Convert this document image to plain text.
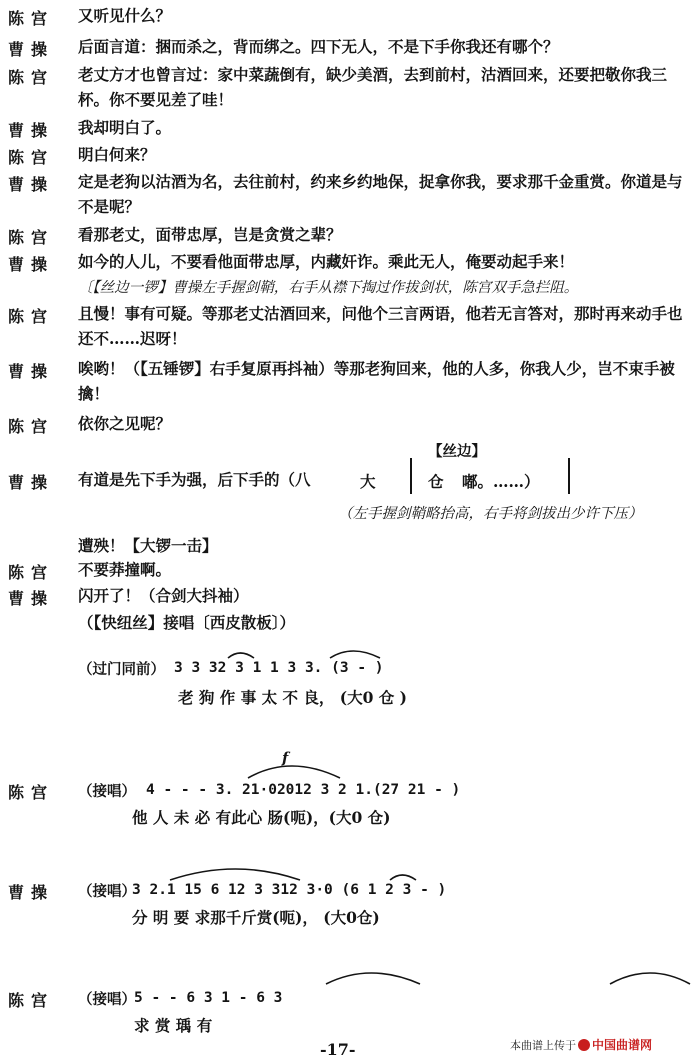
陈宫 又听见什么？
曹操 后面言道：捆而杀之，背而绑之。四下无人，不是下手你我还有哪个？
陈宫 老丈方才也曾言过：家中菜蔬倒有，缺少美酒，去到前村，沽酒回来，还要把敬你我三杯。你不要见差了哇！
曹操 我却明白了。
陈宫 明白何来？
曹操 定是老狗以沽酒为名，去往前村，约来乡约地保，捉拿你我，要求那千金重赏。你道是与不是呢？
陈宫 看那老丈，面带忠厚，岂是贪赏之辈？
曹操 如今的人儿，不要看他面带忠厚，内藏奸诈。乘此无人，俺要动起手来！
〔【丝边一锣】曹操左手握剑鞘，右手从襟下掏过作拔剑状，陈宫双手急拦阻。
陈宫 且慢！事有可疑。等那老丈沽酒回来，问他个三言两语，他若无言答对，那时再来动手也还不……迟呀！
曹操 唉哟！（【五锤锣】右手复原再抖袖）等那老狗回来，他的人多，你我人少，岂不束手被擒！
陈宫 依你之见呢？
【丝边】
曹操 有道是先下手为强，后下手的（八	大	仓 嘟。……）
（左手握剑鞘略抬高，右手将剑拔出少许下压）
遭殃！【大锣一击】
陈宫 不要莽撞啊。
曹操 闪开了！（合剑大抖袖）
（【快纽丝】接唱〔西皮散板〕）
（过门同前） 3 3 32 3 1 1 3 3. (3 - )
老 狗 作 事 太 不 良， (大0 仓 )
陈宫 （接唱）
f
4 - - - 3. 21·02012 3 2 1.(27 21 - )
他 人 未 必 有此心 肠(呃)，(大0 仓)
曹操 （接唱）
3 2.1 15 6 12 3 312 3·0 (6 1 2 3 - )
分 明 要 求那千斤赏(呃)， (大0仓)
陈宫 （接唱）
5 - - 6 3 1 - 6 3
求 赏 瑀 有
-17-	本曲谱上传于 中国曲谱网
